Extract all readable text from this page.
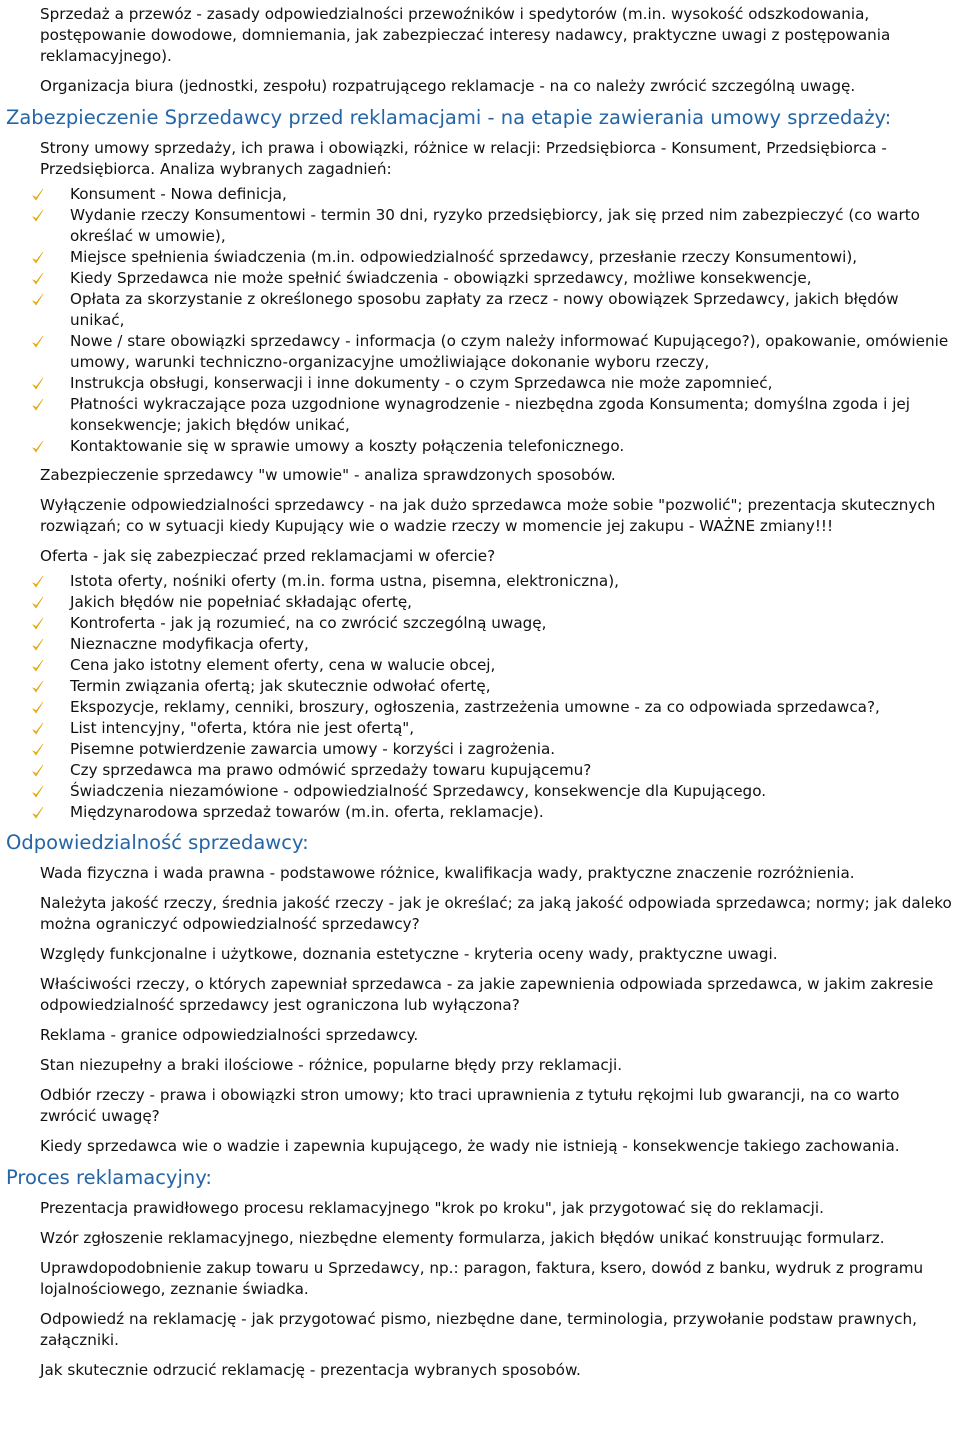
Sprzedaż a przewóz - zasady odpowiedzialności przewoźników i spedytorów (m.in. wysokość odszkodowania, postępowanie dowodowe, domniemania, jak zabezpieczać interesy nadawcy, praktyczne uwagi z postępowania reklamacyjnego).

Organizacja biura (jednostki, zespołu) rozpatrującego reklamacje - na co należy zwrócić szczególną uwagę.

Zabezpieczenie Sprzedawcy przed reklamacjami - na etapie zawierania umowy sprzedaży:

Strony umowy sprzedaży, ich prawa i obowiązki, różnice w relacji: Przedsiębiorca - Konsument, Przedsiębiorca - Przedsiębiorca. Analiza wybranych zagadnień:

Konsument - Nowa definicja,
Wydanie rzeczy Konsumentowi - termin 30 dni, ryzyko przedsiębiorcy, jak się przed nim zabezpieczyć (co warto określać w umowie),
Miejsce spełnienia świadczenia (m.in. odpowiedzialność sprzedawcy, przesłanie rzeczy Konsumentowi),
Kiedy Sprzedawca nie może spełnić świadczenia - obowiązki sprzedawcy, możliwe konsekwencje,
Opłata za skorzystanie z określonego sposobu zapłaty za rzecz - nowy obowiązek Sprzedawcy, jakich błędów unikać,
Nowe / stare obowiązki sprzedawcy - informacja (o czym należy informować Kupującego?), opakowanie, omówienie umowy, warunki techniczno-organizacyjne umożliwiające dokonanie wyboru rzeczy,
Instrukcja obsługi, konserwacji i inne dokumenty - o czym Sprzedawca nie może zapomnieć,
Płatności wykraczające poza uzgodnione wynagrodzenie - niezbędna zgoda Konsumenta; domyślna zgoda i jej konsekwencje; jakich błędów unikać,
Kontaktowanie się w sprawie umowy a koszty połączenia telefonicznego.

Zabezpieczenie sprzedawcy "w umowie" - analiza sprawdzonych sposobów.

Wyłączenie odpowiedzialności sprzedawcy - na jak dużo sprzedawca może sobie "pozwolić"; prezentacja skutecznych rozwiązań; co w sytuacji kiedy Kupujący wie o wadzie rzeczy w momencie jej zakupu - WAŻNE zmiany!!!

Oferta - jak się zabezpieczać przed reklamacjami w ofercie?

Istota oferty, nośniki oferty (m.in. forma ustna, pisemna, elektroniczna),
Jakich błędów nie popełniać składając ofertę,
Kontroferta - jak ją rozumieć, na co zwrócić szczególną uwagę,
Nieznaczne modyfikacja oferty,
Cena jako istotny element oferty, cena w walucie obcej,
Termin związania ofertą; jak skutecznie odwołać ofertę,
Ekspozycje, reklamy, cenniki, broszury, ogłoszenia, zastrzeżenia umowne - za co odpowiada sprzedawca?,
List intencyjny, "oferta, która nie jest ofertą",
Pisemne potwierdzenie zawarcia umowy - korzyści i zagrożenia.
Czy sprzedawca ma prawo odmówić sprzedaży towaru kupującemu?
Świadczenia niezamówione - odpowiedzialność Sprzedawcy, konsekwencje dla Kupującego.
Międzynarodowa sprzedaż towarów (m.in. oferta, reklamacje).
Odpowiedzialność sprzedawcy:

Wada fizyczna i wada prawna - podstawowe różnice, kwalifikacja wady, praktyczne znaczenie rozróżnienia.

Należyta jakość rzeczy, średnia jakość rzeczy - jak je określać; za jaką jakość odpowiada sprzedawca; normy; jak daleko można ograniczyć odpowiedzialność sprzedawcy?

Względy funkcjonalne i użytkowe, doznania estetyczne - kryteria oceny wady, praktyczne uwagi.

Właściwości rzeczy, o których zapewniał sprzedawca - za jakie zapewnienia odpowiada sprzedawca, w jakim zakresie odpowiedzialność sprzedawcy jest ograniczona lub wyłączona?

Reklama - granice odpowiedzialności sprzedawcy.

Stan niezupełny a braki ilościowe - różnice, popularne błędy przy reklamacji.

Odbiór rzeczy - prawa i obowiązki stron umowy; kto traci uprawnienia z tytułu rękojmi lub gwarancji, na co warto zwrócić uwagę?

Kiedy sprzedawca wie o wadzie i zapewnia kupującego, że wady nie istnieją - konsekwencje takiego zachowania.

Proces reklamacyjny:

Prezentacja prawidłowego procesu reklamacyjnego "krok po kroku", jak przygotować się do reklamacji.

Wzór zgłoszenie reklamacyjnego, niezbędne elementy formularza, jakich błędów unikać konstruując formularz.

Uprawdopodobnienie zakup towaru u Sprzedawcy, np.: paragon, faktura, ksero, dowód z banku, wydruk z programu lojalnościowego, zeznanie świadka.

Odpowiedź na reklamację - jak przygotować pismo, niezbędne dane, terminologia, przywołanie podstaw prawnych, załączniki.

Jak skutecznie odrzucić reklamację - prezentacja wybranych sposobów.
